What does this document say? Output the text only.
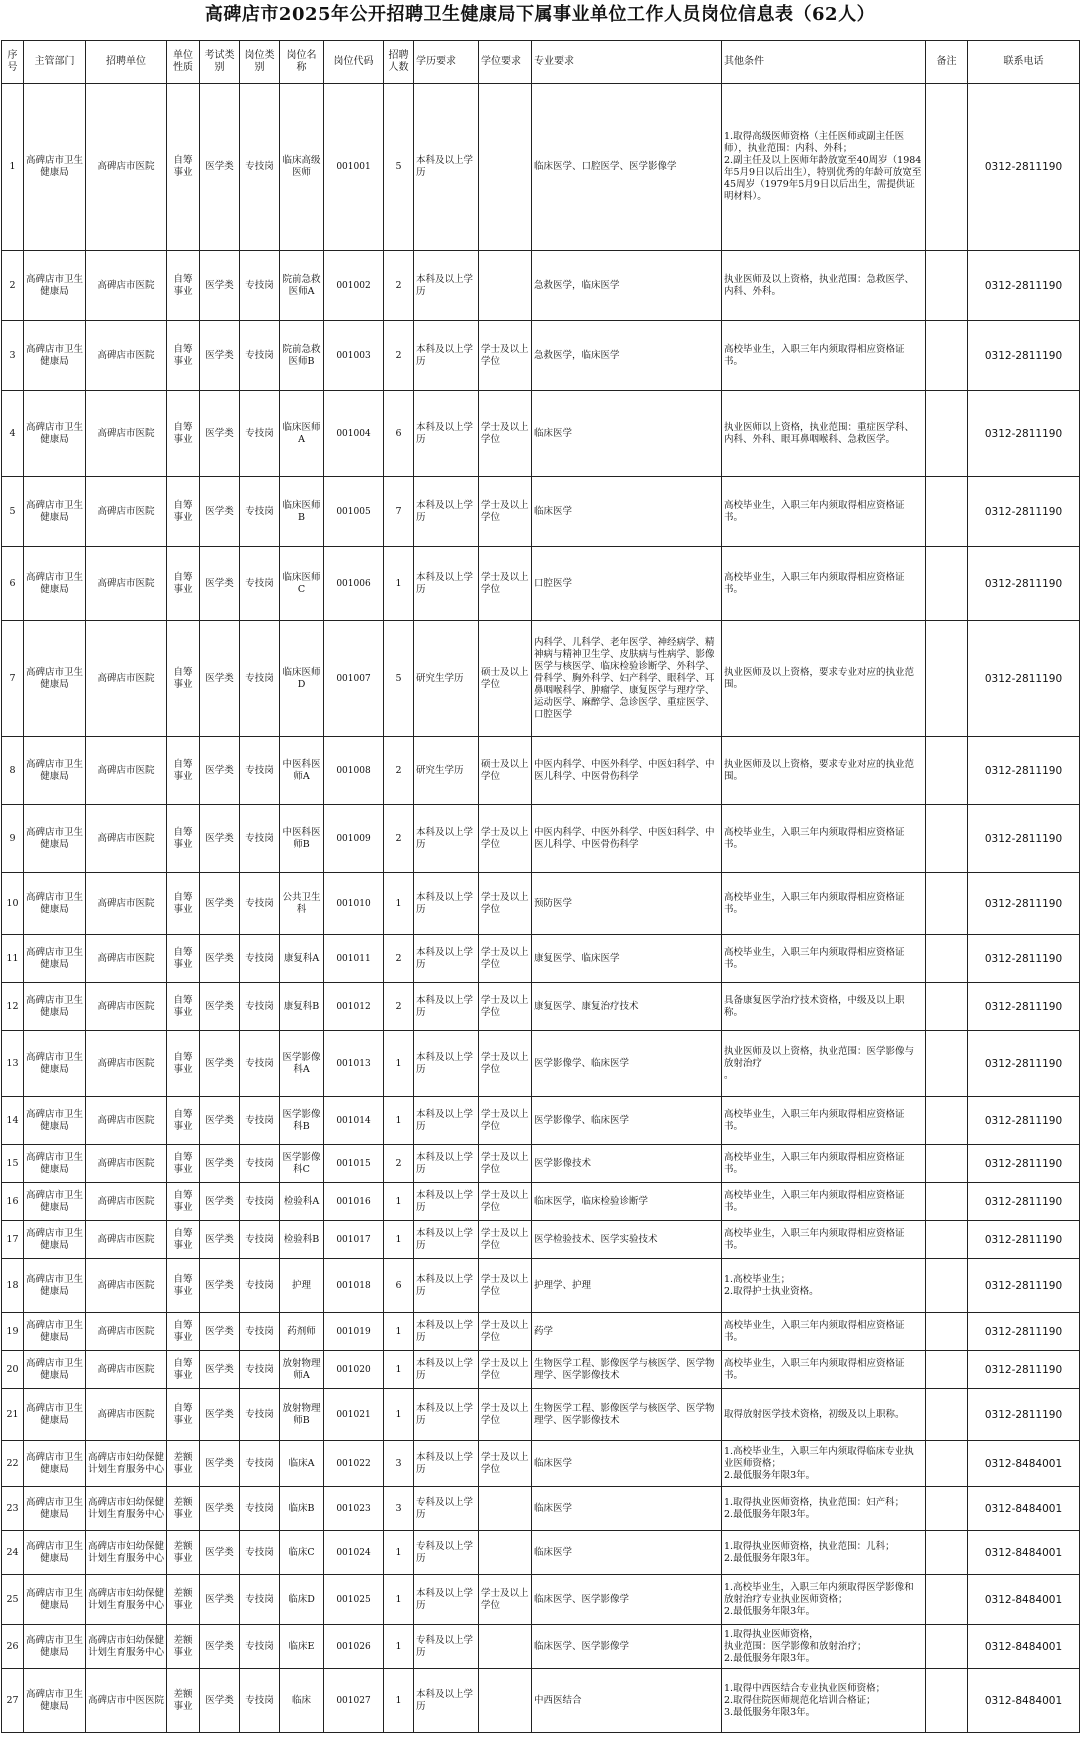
高碑店市2025年公开招聘卫生健康局下属事业单位工作人员岗位信息表（62人）
序号	主管部门	招聘单位	单位性质	考试类别	岗位类别	岗位名称	岗位代码	招聘人数	学历要求	学位要求	专业要求	其他条件	备注	联系电话
1	高碑店市卫生健康局	高碑店市医院	自筹事业	医学类	专技岗	临床高级医师	001001	5	本科及以上学历		临床医学、口腔医学、医学影像学	1.取得高级医师资格（主任医师或副主任医师），执业范围：内科、外科；
2.副主任及以上医师年龄放宽至40周岁（1984年5月9日以后出生），特别优秀的年龄可放宽至45周岁（1979年5月9日以后出生，需提供证明材料）。		0312-2811190
2	高碑店市卫生健康局	高碑店市医院	自筹事业	医学类	专技岗	院前急救医师A	001002	2	本科及以上学历		急救医学，临床医学	执业医师及以上资格，执业范围：急救医学、内科、外科。		0312-2811190
3	高碑店市卫生健康局	高碑店市医院	自筹事业	医学类	专技岗	院前急救医师B	001003	2	本科及以上学历	学士及以上学位	急救医学，临床医学	高校毕业生，入职三年内须取得相应资格证书。		0312-2811190
4	高碑店市卫生健康局	高碑店市医院	自筹事业	医学类	专技岗	临床医师A	001004	6	本科及以上学历	学士及以上学位	临床医学	执业医师以上资格，执业范围：重症医学科、内科、外科、眼耳鼻咽喉科、急救医学。		0312-2811190
5	高碑店市卫生健康局	高碑店市医院	自筹事业	医学类	专技岗	临床医师B	001005	7	本科及以上学历	学士及以上学位	临床医学	高校毕业生，入职三年内须取得相应资格证书。		0312-2811190
6	高碑店市卫生健康局	高碑店市医院	自筹事业	医学类	专技岗	临床医师C	001006	1	本科及以上学历	学士及以上学位	口腔医学	高校毕业生，入职三年内须取得相应资格证书。		0312-2811190
7	高碑店市卫生健康局	高碑店市医院	自筹事业	医学类	专技岗	临床医师D	001007	5	研究生学历	硕士及以上学位	内科学、儿科学、老年医学、神经病学、精神病与精神卫生学、皮肤病与性病学、影像医学与核医学、临床检验诊断学、外科学、骨科学、胸外科学、妇产科学、眼科学、耳鼻咽喉科学、肿瘤学、康复医学与理疗学、运动医学、麻醉学、急诊医学、重症医学、口腔医学	执业医师及以上资格，要求专业对应的执业范围。		0312-2811190
8	高碑店市卫生健康局	高碑店市医院	自筹事业	医学类	专技岗	中医科医师A	001008	2	研究生学历	硕士及以上学位	中医内科学、中医外科学、中医妇科学、中医儿科学、中医骨伤科学	执业医师及以上资格，要求专业对应的执业范围。		0312-2811190
9	高碑店市卫生健康局	高碑店市医院	自筹事业	医学类	专技岗	中医科医师B	001009	2	本科及以上学历	学士及以上学位	中医内科学、中医外科学、中医妇科学、中医儿科学、中医骨伤科学	高校毕业生，入职三年内须取得相应资格证书。		0312-2811190
10	高碑店市卫生健康局	高碑店市医院	自筹事业	医学类	专技岗	公共卫生科	001010	1	本科及以上学历	学士及以上学位	预防医学	高校毕业生，入职三年内须取得相应资格证书。		0312-2811190
11	高碑店市卫生健康局	高碑店市医院	自筹事业	医学类	专技岗	康复科A	001011	2	本科及以上学历	学士及以上学位	康复医学、临床医学	高校毕业生，入职三年内须取得相应资格证书。		0312-2811190
12	高碑店市卫生健康局	高碑店市医院	自筹事业	医学类	专技岗	康复科B	001012	2	本科及以上学历	学士及以上学位	康复医学、康复治疗技术	具备康复医学治疗技术资格，中级及以上职称。		0312-2811190
13	高碑店市卫生健康局	高碑店市医院	自筹事业	医学类	专技岗	医学影像科A	001013	1	本科及以上学历	学士及以上学位	医学影像学、临床医学	执业医师及以上资格，执业范围：医学影像与放射治疗
。		0312-2811190
14	高碑店市卫生健康局	高碑店市医院	自筹事业	医学类	专技岗	医学影像科B	001014	1	本科及以上学历	学士及以上学位	医学影像学、临床医学	高校毕业生，入职三年内须取得相应资格证书。		0312-2811190
15	高碑店市卫生健康局	高碑店市医院	自筹事业	医学类	专技岗	医学影像科C	001015	2	本科及以上学历	学士及以上学位	医学影像技术	高校毕业生，入职三年内须取得相应资格证书。		0312-2811190
16	高碑店市卫生健康局	高碑店市医院	自筹事业	医学类	专技岗	检验科A	001016	1	本科及以上学历	学士及以上学位	临床医学，临床检验诊断学	高校毕业生，入职三年内须取得相应资格证书。		0312-2811190
17	高碑店市卫生健康局	高碑店市医院	自筹事业	医学类	专技岗	检验科B	001017	1	本科及以上学历	学士及以上学位	医学检验技术、医学实验技术	高校毕业生，入职三年内须取得相应资格证书。		0312-2811190
18	高碑店市卫生健康局	高碑店市医院	自筹事业	医学类	专技岗	护理	001018	6	本科及以上学历	学士及以上学位	护理学、护理	1.高校毕业生；
2.取得护士执业资格。		0312-2811190
19	高碑店市卫生健康局	高碑店市医院	自筹事业	医学类	专技岗	药剂师	001019	1	本科及以上学历	学士及以上学位	药学	高校毕业生，入职三年内须取得相应资格证书。		0312-2811190
20	高碑店市卫生健康局	高碑店市医院	自筹事业	医学类	专技岗	放射物理师A	001020	1	本科及以上学历	学士及以上学位	生物医学工程、影像医学与核医学、医学物理学、医学影像技术	高校毕业生，入职三年内须取得相应资格证书。		0312-2811190
21	高碑店市卫生健康局	高碑店市医院	自筹事业	医学类	专技岗	放射物理师B	001021	1	本科及以上学历	学士及以上学位	生物医学工程、影像医学与核医学、医学物理学、医学影像技术	取得放射医学技术资格，初级及以上职称。		0312-2811190
22	高碑店市卫生健康局	高碑店市妇幼保健计划生育服务中心	差额事业	医学类	专技岗	临床A	001022	3	本科及以上学历	学士及以上学位	临床医学	1.高校毕业生，入职三年内须取得临床专业执业医师资格；
2.最低服务年限3年。		0312-8484001
23	高碑店市卫生健康局	高碑店市妇幼保健计划生育服务中心	差额事业	医学类	专技岗	临床B	001023	3	专科及以上学历		临床医学	1.取得执业医师资格，执业范围：妇产科；
2.最低服务年限3年。		0312-8484001
24	高碑店市卫生健康局	高碑店市妇幼保健计划生育服务中心	差额事业	医学类	专技岗	临床C	001024	1	专科及以上学历		临床医学	1.取得执业医师资格，执业范围：儿科；
2.最低服务年限3年。		0312-8484001
25	高碑店市卫生健康局	高碑店市妇幼保健计划生育服务中心	差额事业	医学类	专技岗	临床D	001025	1	本科及以上学历	学士及以上学位	临床医学、医学影像学	1.高校毕业生，入职三年内须取得医学影像和放射治疗专业执业医师资格；
2.最低服务年限3年。		0312-8484001
26	高碑店市卫生健康局	高碑店市妇幼保健计划生育服务中心	差额事业	医学类	专技岗	临床E	001026	1	专科及以上学历		临床医学、医学影像学	1.取得执业医师资格，
执业范围：医学影像和放射治疗；
2.最低服务年限3年。		0312-8484001
27	高碑店市卫生健康局	高碑店市中医医院	差额事业	医学类	专技岗	临床	001027	1	本科及以上学历		中西医结合	1.取得中西医结合专业执业医师资格；
2.取得住院医师规范化培训合格证；
3.最低服务年限3年。		0312-8484001
